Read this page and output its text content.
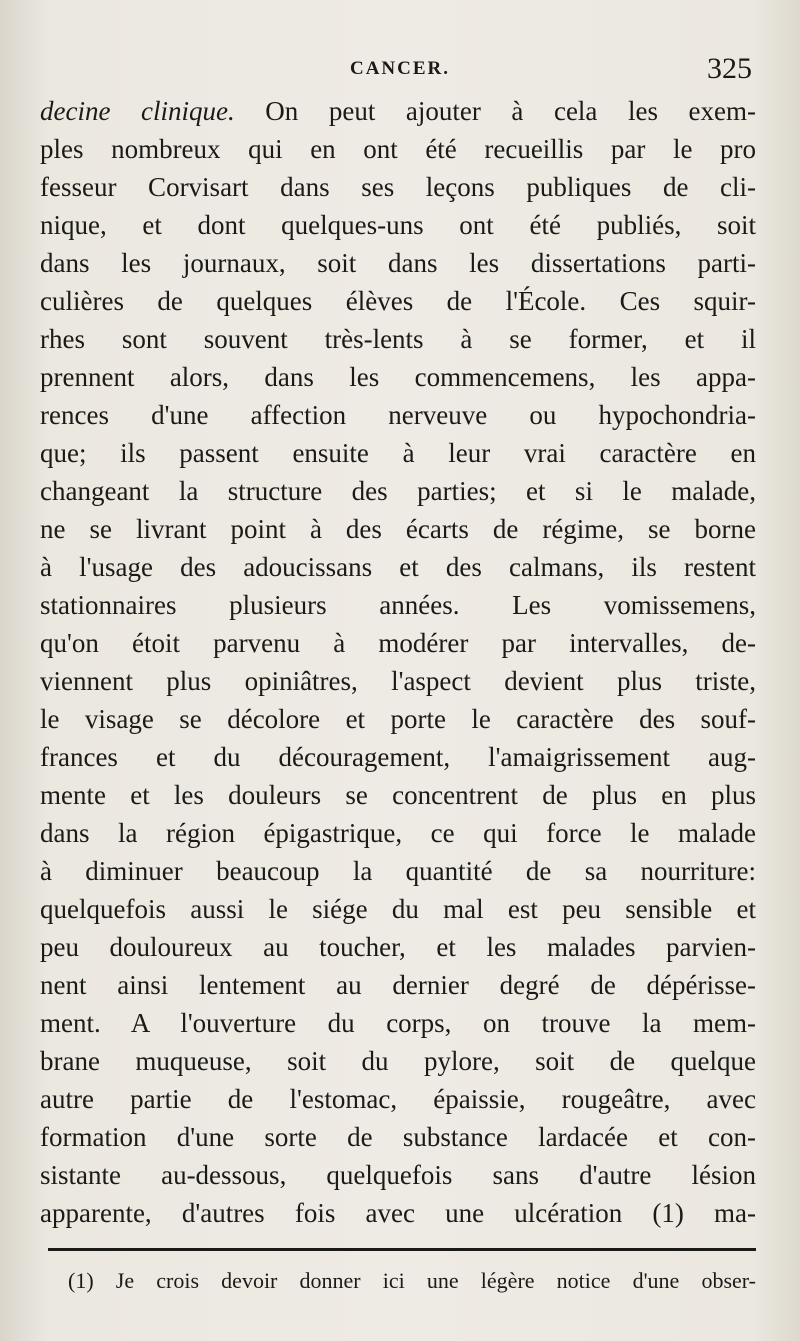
CANCER.	325
decine clinique. On peut ajouter à cela les exem-
ples nombreux qui en ont été recueillis par le pro
fesseur Corvisart dans ses leçons publiques de cli-
nique, et dont quelques-uns ont été publiés, soit
dans les journaux, soit dans les dissertations parti-
culières de quelques élèves de l'École. Ces squir-
rhes sont souvent très-lents à se former, et il
prennent alors, dans les commencemens, les appa-
rences d'une affection nerveuve ou hypochondria-
que; ils passent ensuite à leur vrai caractère en
changeant la structure des parties; et si le malade,
ne se livrant point à des écarts de régime, se borne
à l'usage des adoucissans et des calmans, ils restent
stationnaires plusieurs années. Les vomissemens,
qu'on étoit parvenu à modérer par intervalles, de-
viennent plus opiniâtres, l'aspect devient plus triste,
le visage se décolore et porte le caractère des souf-
frances et du découragement, l'amaigrissement aug-
mente et les douleurs se concentrent de plus en plus
dans la région épigastrique, ce qui force le malade
à diminuer beaucoup la quantité de sa nourriture:
quelquefois aussi le siége du mal est peu sensible et
peu douloureux au toucher, et les malades parvien-
nent ainsi lentement au dernier degré de dépérisse-
ment. A l'ouverture du corps, on trouve la mem-
brane muqueuse, soit du pylore, soit de quelque
autre partie de l'estomac, épaissie, rougeâtre, avec
formation d'une sorte de substance lardacée et con-
sistante au-dessous, quelquefois sans d'autre lésion
apparente, d'autres fois avec une ulcération (1) ma-
(1) Je crois devoir donner ici une légère notice d'une obser-
